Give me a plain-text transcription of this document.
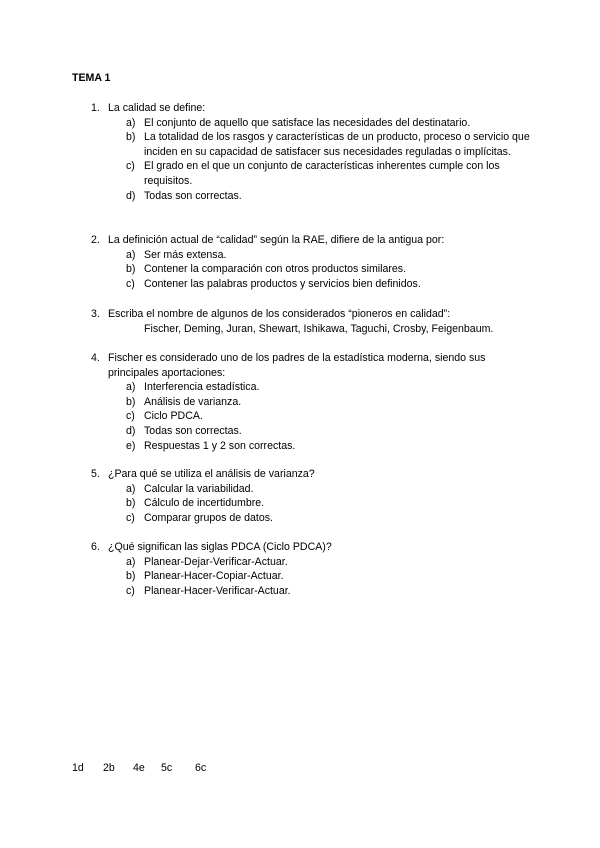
TEMA 1
1. La calidad se define:
a) El conjunto de aquello que satisface las necesidades del destinatario.
b) La totalidad de los rasgos y características de un producto, proceso o servicio que inciden en su capacidad de satisfacer sus necesidades reguladas o implícitas.
c) El grado en el que un conjunto de características inherentes cumple con los requisitos.
d) Todas son correctas.
2. La definición actual de “calidad” según la RAE, difiere de la antigua por:
a) Ser más extensa.
b) Contener la comparación con otros productos similares.
c) Contener las palabras productos y servicios bien definidos.
3. Escriba el nombre de algunos de los considerados “pioneros en calidad”:
Fischer, Deming, Juran, Shewart, Ishikawa, Taguchi, Crosby, Feigenbaum.
4. Fischer es considerado uno de los padres de la estadística moderna, siendo sus principales aportaciones:
a) Interferencia estadística.
b) Análisis de varianza.
c) Ciclo PDCA.
d) Todas son correctas.
e) Respuestas 1 y 2 son correctas.
5. ¿Para qué se utiliza el análisis de varianza?
a) Calcular la variabilidad.
b) Cálculo de incertidumbre.
c) Comparar grupos de datos.
6. ¿Qué significan las siglas PDCA (Ciclo PDCA)?
a) Planear-Dejar-Verificar-Actuar.
b) Planear-Hacer-Copiar-Actuar.
c) Planear-Hacer-Verificar-Actuar.
1d 2b 4e 5c 6c
